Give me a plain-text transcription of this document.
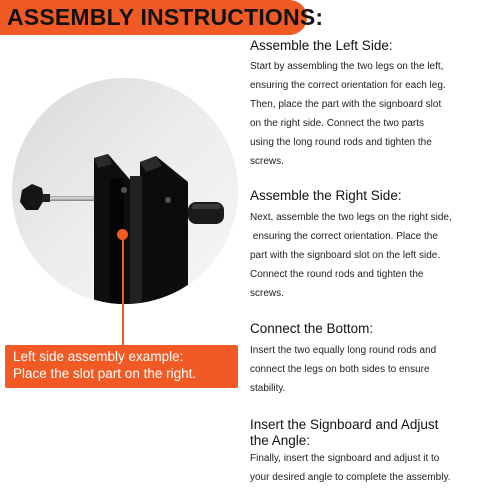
ASSEMBLY INSTRUCTIONS:
Left side assembly example:
Place the slot part on the right.
Assemble the Left Side:

Start by assembling the two legs on the left,
ensuring the correct orientation for each leg.
Then, place the part with the signboard slot
on the right side. Connect the two parts
using the long round rods and tighten the
screws.

Assemble the Right Side:

Next, assemble the two legs on the right side,
ensuring the correct orientation. Place the
part with the signboard slot on the left side.
Connect the round rods and tighten the
screws.

Connect the Bottom:

Insert the two equally long round rods and
connect the legs on both sides to ensure
stability.

Insert the Signboard and Adjust
the Angle:

Finally, insert the signboard and adjust it to
your desired angle to complete the assembly.
